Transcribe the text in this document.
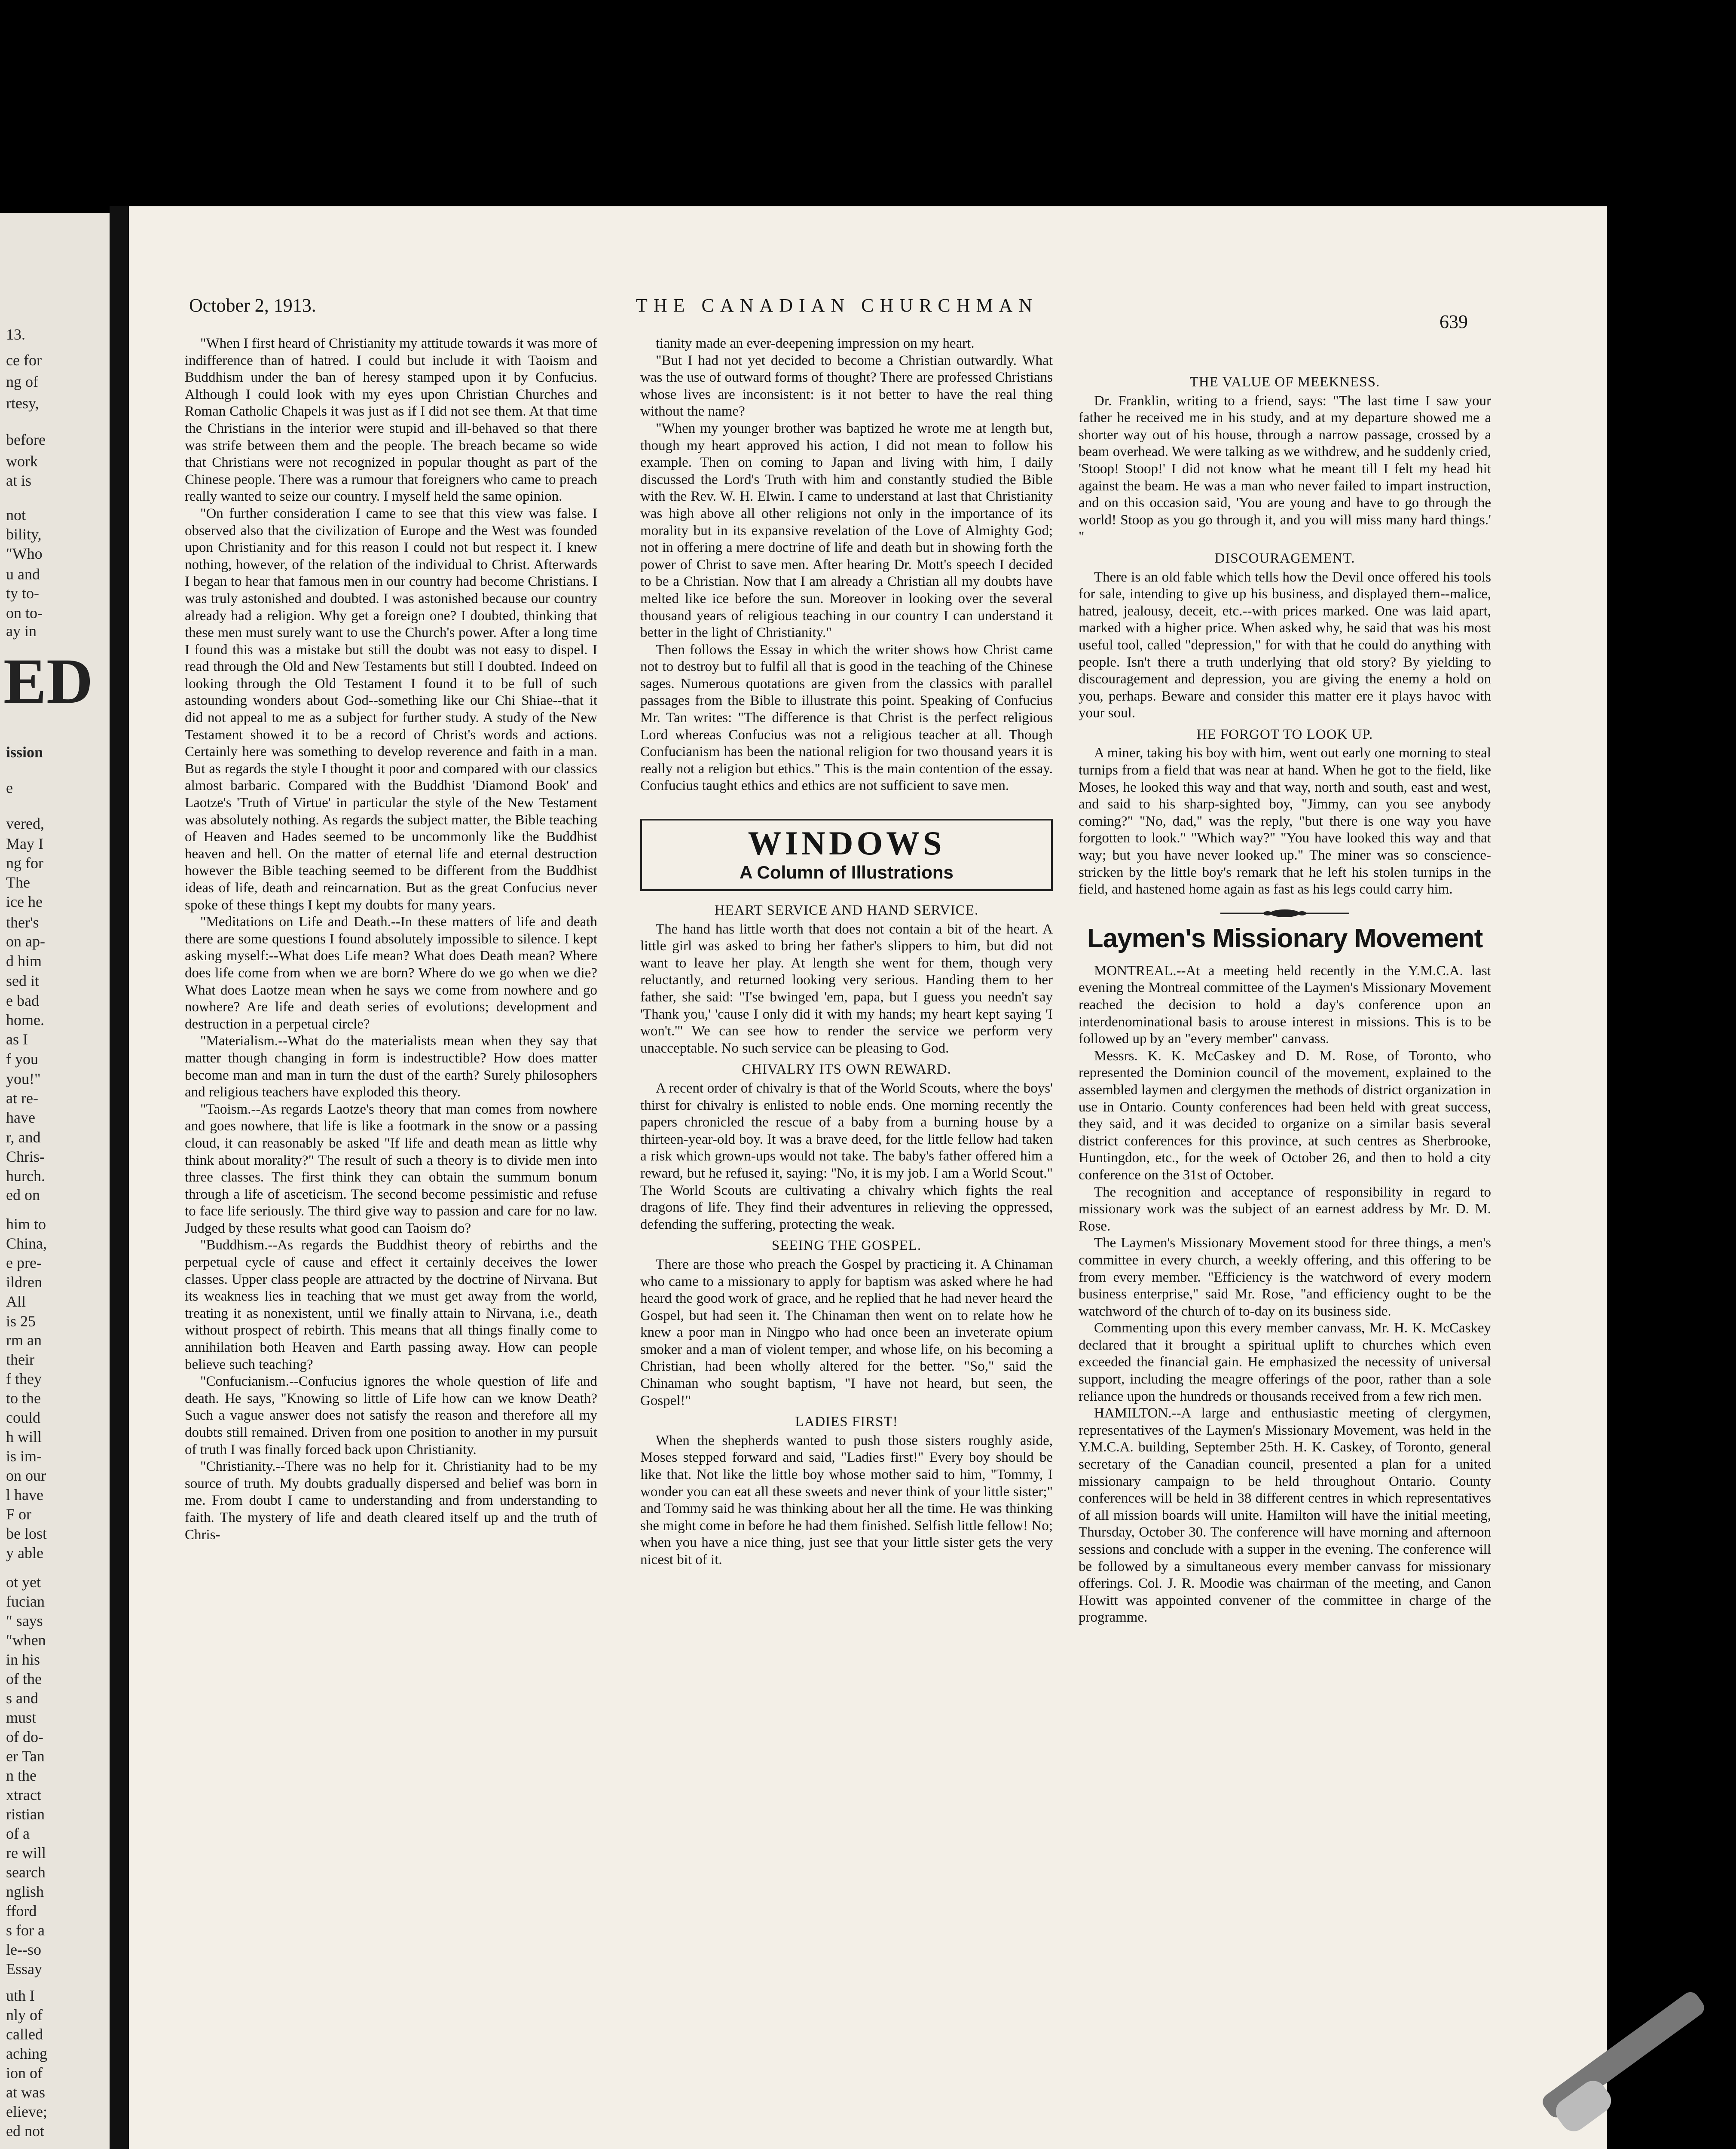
13.
ce for
ng of
rtesy,
before
work
at is
not
bility,
"Who
u and
ty to-
on to-
ay in
ED
ission
e
vered,
May I
ng for
The
ice he
ther's
on ap-
d him
sed it
e bad
home.
as I
f you
you!"
at re-
have
r, and
Chris-
hurch.
ed on
him to
China,
e pre-
ildren
All
is 25
rm an
their
f they
to the
could
h will
is im-
on our
l have
F or
be lost
y able
ot yet
fucian
" says
"when
in his
of the
s and
must
of do-
er Tan
n the
xtract
ristian
of a
re will
search
nglish
fford
s for a
le--so
Essay
uth I
nly of
called
aching
ion of
at was
elieve;
ed not
October 2, 1913.	THE CANADIAN CHURCHMAN
639

"When I first heard of Christianity my attitude towards it was more of indifference than of hatred. I could but include it with Taoism and Buddhism under the ban of heresy stamped upon it by Confucius. Although I could look with my eyes upon Christian Churches and Roman Catholic Chapels it was just as if I did not see them. At that time the Christians in the interior were stupid and ill-behaved so that there was strife between them and the people. The breach became so wide that Christians were not recognized in popular thought as part of the Chinese people. There was a rumour that foreigners who came to preach really wanted to seize our country. I myself held the same opinion.

"On further consideration I came to see that this view was false. I observed also that the civilization of Europe and the West was founded upon Christianity and for this reason I could not but respect it. I knew nothing, however, of the relation of the individual to Christ. Afterwards I began to hear that famous men in our country had become Christians. I was truly astonished and doubted. I was astonished because our country already had a religion. Why get a foreign one? I doubted, thinking that these men must surely want to use the Church's power. After a long time I found this was a mistake but still the doubt was not easy to dispel. I read through the Old and New Testaments but still I doubted. Indeed on looking through the Old Testament I found it to be full of such astounding wonders about God--something like our Chi Shiae--that it did not appeal to me as a subject for further study. A study of the New Testament showed it to be a record of Christ's words and actions. Certainly here was something to develop reverence and faith in a man. But as regards the style I thought it poor and compared with our classics almost barbaric. Compared with the Buddhist 'Diamond Book' and Laotze's 'Truth of Virtue' in particular the style of the New Testament was absolutely nothing. As regards the subject matter, the Bible teaching of Heaven and Hades seemed to be uncommonly like the Buddhist heaven and hell. On the matter of eternal life and eternal destruction however the Bible teaching seemed to be different from the Buddhist ideas of life, death and reincarnation. But as the great Confucius never spoke of these things I kept my doubts for many years.

"Meditations on Life and Death.--In these matters of life and death there are some questions I found absolutely impossible to silence. I kept asking myself:--What does Life mean? What does Death mean? Where does life come from when we are born? Where do we go when we die? What does Laotze mean when he says we come from nowhere and go nowhere? Are life and death series of evolutions; development and destruction in a perpetual circle?

"Materialism.--What do the materialists mean when they say that matter though changing in form is indestructible? How does matter become man and man in turn the dust of the earth? Surely philosophers and religious teachers have exploded this theory.

"Taoism.--As regards Laotze's theory that man comes from nowhere and goes nowhere, that life is like a footmark in the snow or a passing cloud, it can reasonably be asked "If life and death mean as little why think about morality?" The result of such a theory is to divide men into three classes. The first think they can obtain the summum bonum through a life of asceticism. The second become pessimistic and refuse to face life seriously. The third give way to passion and care for no law. Judged by these results what good can Taoism do?

"Buddhism.--As regards the Buddhist theory of rebirths and the perpetual cycle of cause and effect it certainly deceives the lower classes. Upper class people are attracted by the doctrine of Nirvana. But its weakness lies in teaching that we must get away from the world, treating it as nonexistent, until we finally attain to Nirvana, i.e., death without prospect of rebirth. This means that all things finally come to annihilation both Heaven and Earth passing away. How can people believe such teaching?

"Confucianism.--Confucius ignores the whole question of life and death. He says, "Knowing so little of Life how can we know Death? Such a vague answer does not satisfy the reason and therefore all my doubts still remained. Driven from one position to another in my pursuit of truth I was finally forced back upon Christianity.

"Christianity.--There was no help for it. Christianity had to be my source of truth. My doubts gradually dispersed and belief was born in me. From doubt I came to understanding and from understanding to faith. The mystery of life and death cleared itself up and the truth of Chris-

tianity made an ever-deepening impression on my heart.

"But I had not yet decided to become a Christian outwardly. What was the use of outward forms of thought? There are professed Christians whose lives are inconsistent: is it not better to have the real thing without the name?

"When my younger brother was baptized he wrote me at length but, though my heart approved his action, I did not mean to follow his example. Then on coming to Japan and living with him, I daily discussed the Lord's Truth with him and constantly studied the Bible with the Rev. W. H. Elwin. I came to understand at last that Christianity was high above all other religions not only in the importance of its morality but in its expansive revelation of the Love of Almighty God; not in offering a mere doctrine of life and death but in showing forth the power of Christ to save men. After hearing Dr. Mott's speech I decided to be a Christian. Now that I am already a Christian all my doubts have melted like ice before the sun. Moreover in looking over the several thousand years of religious teaching in our country I can understand it better in the light of Christianity."

Then follows the Essay in which the writer shows how Christ came not to destroy but to fulfil all that is good in the teaching of the Chinese sages. Numerous quotations are given from the classics with parallel passages from the Bible to illustrate this point. Speaking of Confucius Mr. Tan writes: "The difference is that Christ is the perfect religious Lord whereas Confucius was not a religious teacher at all. Though Confucianism has been the national religion for two thousand years it is really not a religion but ethics." This is the main contention of the essay. Confucius taught ethics and ethics are not sufficient to save men.

WINDOWS
A Column of Illustrations
HEART SERVICE AND HAND SERVICE.

The hand has little worth that does not contain a bit of the heart. A little girl was asked to bring her father's slippers to him, but did not want to leave her play. At length she went for them, though very reluctantly, and returned looking very serious. Handing them to her father, she said: "I'se bwinged 'em, papa, but I guess you needn't say 'Thank you,' 'cause I only did it with my hands; my heart kept saying 'I won't.'" We can see how to render the service we perform very unacceptable. No such service can be pleasing to God.

CHIVALRY ITS OWN REWARD.

A recent order of chivalry is that of the World Scouts, where the boys' thirst for chivalry is enlisted to noble ends. One morning recently the papers chronicled the rescue of a baby from a burning house by a thirteen-year-old boy. It was a brave deed, for the little fellow had taken a risk which grown-ups would not take. The baby's father offered him a reward, but he refused it, saying: "No, it is my job. I am a World Scout." The World Scouts are cultivating a chivalry which fights the real dragons of life. They find their adventures in relieving the oppressed, defending the suffering, protecting the weak.

SEEING THE GOSPEL.

There are those who preach the Gospel by practicing it. A Chinaman who came to a missionary to apply for baptism was asked where he had heard the good work of grace, and he replied that he had never heard the Gospel, but had seen it. The Chinaman then went on to relate how he knew a poor man in Ningpo who had once been an inveterate opium smoker and a man of violent temper, and whose life, on his becoming a Christian, had been wholly altered for the better. "So," said the Chinaman who sought baptism, "I have not heard, but seen, the Gospel!"

LADIES FIRST!

When the shepherds wanted to push those sisters roughly aside, Moses stepped forward and said, "Ladies first!" Every boy should be like that. Not like the little boy whose mother said to him, "Tommy, I wonder you can eat all these sweets and never think of your little sister;" and Tommy said he was thinking about her all the time. He was thinking she might come in before he had them finished. Selfish little fellow! No; when you have a nice thing, just see that your little sister gets the very nicest bit of it.

THE VALUE OF MEEKNESS.

Dr. Franklin, writing to a friend, says: "The last time I saw your father he received me in his study, and at my departure showed me a shorter way out of his house, through a narrow passage, crossed by a beam overhead. We were talking as we withdrew, and he suddenly cried, 'Stoop! Stoop!' I did not know what he meant till I felt my head hit against the beam. He was a man who never failed to impart instruction, and on this occasion said, 'You are young and have to go through the world! Stoop as you go through it, and you will miss many hard things.' "

DISCOURAGEMENT.

There is an old fable which tells how the Devil once offered his tools for sale, intending to give up his business, and displayed them--malice, hatred, jealousy, deceit, etc.--with prices marked. One was laid apart, marked with a higher price. When asked why, he said that was his most useful tool, called "depression," for with that he could do anything with people. Isn't there a truth underlying that old story? By yielding to discouragement and depression, you are giving the enemy a hold on you, perhaps. Beware and consider this matter ere it plays havoc with your soul.

HE FORGOT TO LOOK UP.

A miner, taking his boy with him, went out early one morning to steal turnips from a field that was near at hand. When he got to the field, like Moses, he looked this way and that way, north and south, east and west, and said to his sharp-sighted boy, "Jimmy, can you see anybody coming?" "No, dad," was the reply, "but there is one way you have forgotten to look." "Which way?" "You have looked this way and that way; but you have never looked up." The miner was so conscience-stricken by the little boy's remark that he left his stolen turnips in the field, and hastened home again as fast as his legs could carry him.

Laymen's Missionary Movement

MONTREAL.--At a meeting held recently in the Y.M.C.A. last evening the Montreal committee of the Laymen's Missionary Movement reached the decision to hold a day's conference upon an interdenominational basis to arouse interest in missions. This is to be followed up by an "every member" canvass.

Messrs. K. K. McCaskey and D. M. Rose, of Toronto, who represented the Dominion council of the movement, explained to the assembled laymen and clergymen the methods of district organization in use in Ontario. County conferences had been held with great success, they said, and it was decided to organize on a similar basis several district conferences for this province, at such centres as Sherbrooke, Huntingdon, etc., for the week of October 26, and then to hold a city conference on the 31st of October.

The recognition and acceptance of responsibility in regard to missionary work was the subject of an earnest address by Mr. D. M. Rose.

The Laymen's Missionary Movement stood for three things, a men's committee in every church, a weekly offering, and this offering to be from every member. "Efficiency is the watchword of every modern business enterprise," said Mr. Rose, "and efficiency ought to be the watchword of the church of to-day on its business side.

Commenting upon this every member canvass, Mr. H. K. McCaskey declared that it brought a spiritual uplift to churches which even exceeded the financial gain. He emphasized the necessity of universal support, including the meagre offerings of the poor, rather than a sole reliance upon the hundreds or thousands received from a few rich men.

HAMILTON.--A large and enthusiastic meeting of clergymen, representatives of the Laymen's Missionary Movement, was held in the Y.M.C.A. building, September 25th. H. K. Caskey, of Toronto, general secretary of the Canadian council, presented a plan for a united missionary campaign to be held throughout Ontario. County conferences will be held in 38 different centres in which representatives of all mission boards will unite. Hamilton will have the initial meeting, Thursday, October 30. The conference will have morning and afternoon sessions and conclude with a supper in the evening. The conference will be followed by a simultaneous every member canvass for missionary offerings. Col. J. R. Moodie was chairman of the meeting, and Canon Howitt was appointed convener of the committee in charge of the programme.
